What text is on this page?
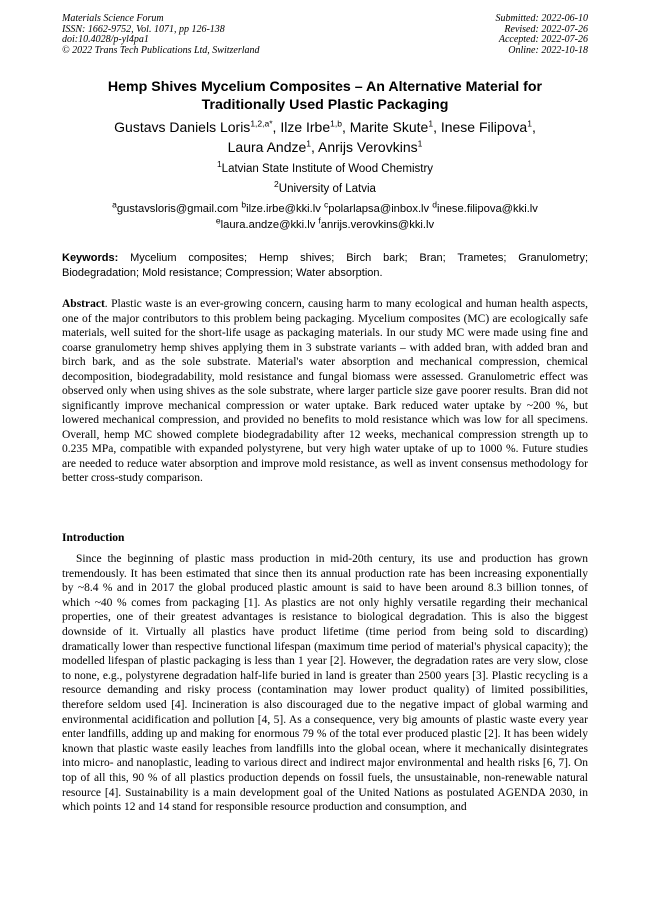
Materials Science Forum
ISSN: 1662-9752, Vol. 1071, pp 126-138
doi:10.4028/p-yl4pa1
© 2022 Trans Tech Publications Ltd, Switzerland
Submitted: 2022-06-10
Revised: 2022-07-26
Accepted: 2022-07-26
Online: 2022-10-18
Hemp Shives Mycelium Composites – An Alternative Material for
Traditionally Used Plastic Packaging
Gustavs Daniels Loris$^{1,2,a*}$, Ilze Irbe$^{1,b}$, Marite Skute$^1$, Inese Filipova$^1$,
Laura Andze$^1$, Anrijs Verovkins$^1$
$^1$Latvian State Institute of Wood Chemistry
$^2$University of Latvia
$^a$gustavsloris@gmail.com $^b$ilze.irbe@kki.lv $^c$polarlapsa@inbox.lv $^d$inese.filipova@kki.lv
$^e$laura.andze@kki.lv $^f$anrijs.verovkins@kki.lv
Keywords: Mycelium composites; Hemp shives; Birch bark; Bran; Trametes; Granulometry; Biodegradation; Mold resistance; Compression; Water absorption.
Abstract. Plastic waste is an ever-growing concern, causing harm to many ecological and human health aspects, one of the major contributors to this problem being packaging. Mycelium composites (MC) are ecologically safe materials, well suited for the short-life usage as packaging materials. In our study MC were made using fine and coarse granulometry hemp shives applying them in 3 substrate variants – with added bran, with added bran and birch bark, and as the sole substrate. Material's water absorption and mechanical compression, chemical decomposition, biodegradability, mold resistance and fungal biomass were assessed. Granulometric effect was observed only when using shives as the sole substrate, where larger particle size gave poorer results. Bran did not significantly improve mechanical compression or water uptake. Bark reduced water uptake by ~200 %, but lowered mechanical compression, and provided no benefits to mold resistance which was low for all specimens. Overall, hemp MC showed complete biodegradability after 12 weeks, mechanical compression strength up to 0.235 MPa, compatible with expanded polystyrene, but very high water uptake of up to 1000 %. Future studies are needed to reduce water absorption and improve mold resistance, as well as invent consensus methodology for better cross-study comparison.
Introduction
Since the beginning of plastic mass production in mid-20th century, its use and production has grown tremendously. It has been estimated that since then its annual production rate has been increasing exponentially by ~8.4 % and in 2017 the global produced plastic amount is said to have been around 8.3 billion tonnes, of which ~40 % comes from packaging [1]. As plastics are not only highly versatile regarding their mechanical properties, one of their greatest advantages is resistance to biological degradation. This is also the biggest downside of it. Virtually all plastics have product lifetime (time period from being sold to discarding) dramatically lower than respective functional lifespan (maximum time period of material's physical capacity); the modelled lifespan of plastic packaging is less than 1 year [2]. However, the degradation rates are very slow, close to none, e.g., polystyrene degradation half-life buried in land is greater than 2500 years [3]. Plastic recycling is a resource demanding and risky process (contamination may lower product quality) of limited possibilities, therefore seldom used [4]. Incineration is also discouraged due to the negative impact of global warming and environmental acidification and pollution [4, 5]. As a consequence, very big amounts of plastic waste every year enter landfills, adding up and making for enormous 79 % of the total ever produced plastic [2]. It has been widely known that plastic waste easily leaches from landfills into the global ocean, where it mechanically disintegrates into micro- and nanoplastic, leading to various direct and indirect major environmental and health risks [6, 7]. On top of all this, 90 % of all plastics production depends on fossil fuels, the unsustainable, non-renewable natural resource [4]. Sustainability is a main development goal of the United Nations as postulated AGENDA 2030, in which points 12 and 14 stand for responsible resource production and consumption, and
